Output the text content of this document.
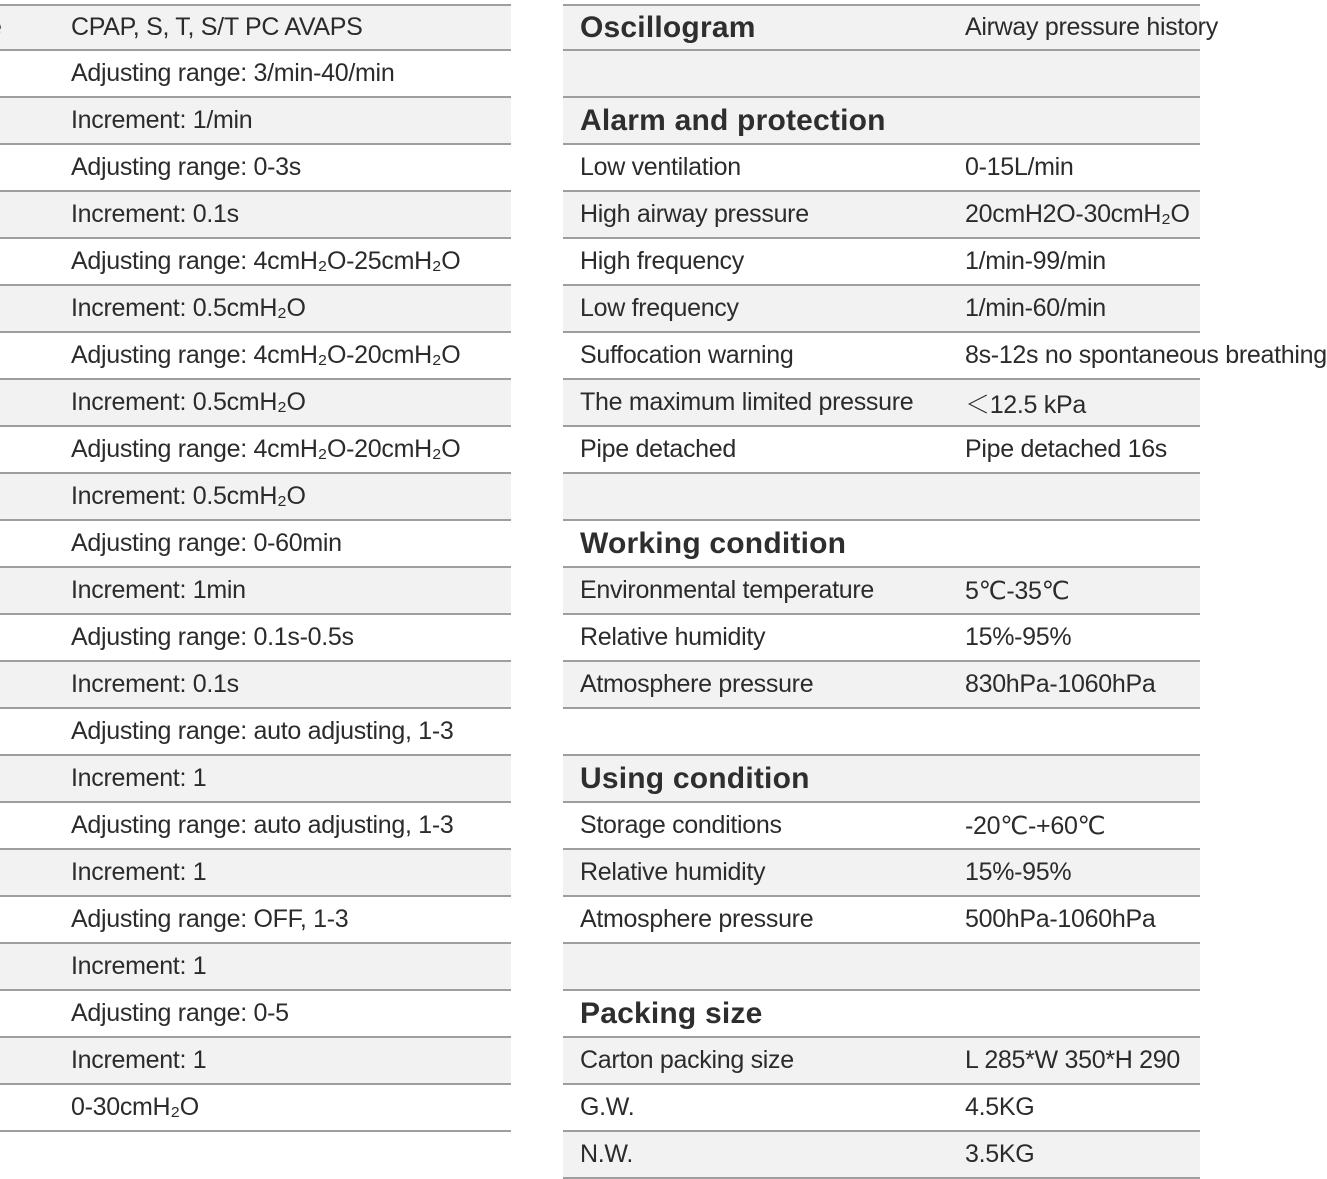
CPAP, S, T, S/T PC AVAPS
Adjusting range: 3/min-40/min
Increment: 1/min
Adjusting range: 0-3s
Increment: 0.1s
Adjusting range: 4cmH₂O-25cmH₂O
Increment: 0.5cmH₂O
Adjusting range: 4cmH₂O-20cmH₂O
Increment: 0.5cmH₂O
Adjusting range: 4cmH₂O-20cmH₂O
Increment: 0.5cmH₂O
Adjusting range: 0-60min
Increment: 1min
Adjusting range: 0.1s-0.5s
Increment: 0.1s
Adjusting range: auto adjusting, 1-3
Increment: 1
Adjusting range: auto adjusting, 1-3
Increment: 1
Adjusting range: OFF, 1-3
Increment: 1
Adjusting range: 0-5
Increment: 1
0-30cmH₂O
Oscillogram	Airway pressure history
Alarm and protection
Low ventilation	0-15L/min
High airway pressure	20cmH2O-30cmH₂O
High frequency	1/min-99/min
Low frequency	1/min-60/min
Suffocation warning	8s-12s no spontaneous breathing
The maximum limited pressure ＜12.5 kPa
Pipe detached	Pipe detached 16s
Working condition
Environmental temperature	5℃-35℃
Relative humidity	15%-95%
Atmosphere pressure	830hPa-1060hPa
Using condition
Storage conditions	-20℃-+60℃
Relative humidity	15%-95%
Atmosphere pressure	500hPa-1060hPa
Packing size
Carton packing size	L 285*W 350*H 290
G.W.	4.5KG
N.W.	3.5KG
